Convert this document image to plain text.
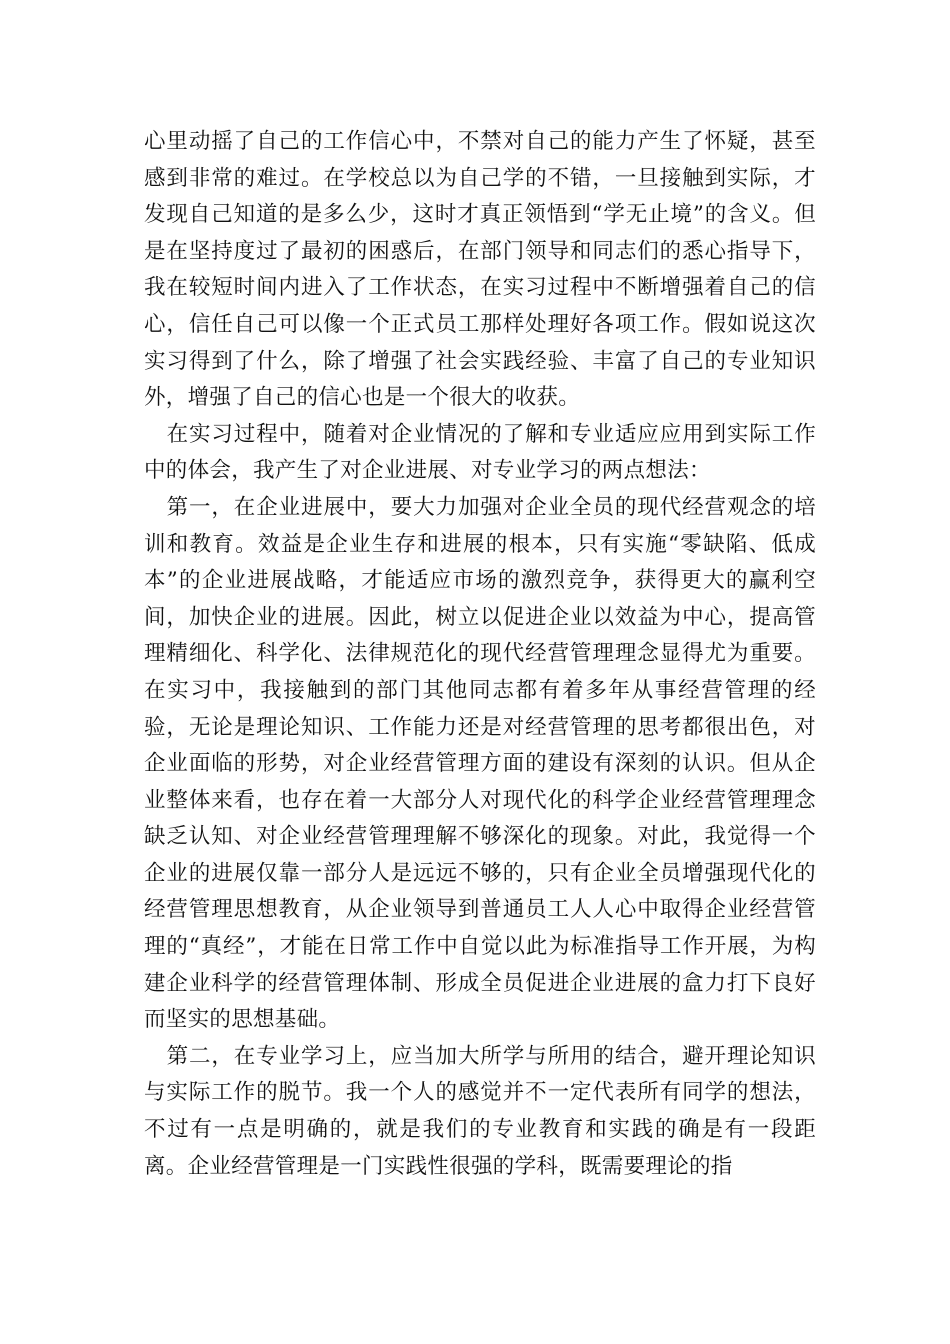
心里动摇了自己的工作信心中，不禁对自己的能力产生了怀疑，甚至感到非常的难过。在学校总以为自己学的不错，一旦接触到实际，才发现自己知道的是多么少，这时才真正领悟到“学无止境”的含义。但是在坚持度过了最初的困惑后，在部门领导和同志们的悉心指导下，我在较短时间内进入了工作状态，在实习过程中不断增强着自己的信心，信任自己可以像一个正式员工那样处理好各项工作。假如说这次实习得到了什么，除了增强了社会实践经验、丰富了自己的专业知识外，增强了自己的信心也是一个很大的收获。

在实习过程中，随着对企业情况的了解和专业适应应用到实际工作中的体会，我产生了对企业进展、对专业学习的两点想法：

第一，在企业进展中，要大力加强对企业全员的现代经营观念的培训和教育。效益是企业生存和进展的根本，只有实施“零缺陷、低成本”的企业进展战略，才能适应市场的激烈竞争，获得更大的赢利空间，加快企业的进展。因此，树立以促进企业以效益为中心，提高管理精细化、科学化、法律规范化的现代经营管理理念显得尤为重要。在实习中，我接触到的部门其他同志都有着多年从事经营管理的经验，无论是理论知识、工作能力还是对经营管理的思考都很出色，对企业面临的形势，对企业经营管理方面的建设有深刻的认识。但从企业整体来看，也存在着一大部分人对现代化的科学企业经营管理理念缺乏认知、对企业经营管理理解不够深化的现象。对此，我觉得一个企业的进展仅靠一部分人是远远不够的，只有企业全员增强现代化的经营管理思想教育，从企业领导到普通员工人人心中取得企业经营管理的“真经”，才能在日常工作中自觉以此为标准指导工作开展，为构建企业科学的经营管理体制、形成全员促进企业进展的盒力打下良好而坚实的思想基础。

第二，在专业学习上，应当加大所学与所用的结合，避开理论知识与实际工作的脱节。我一个人的感觉并不一定代表所有同学的想法，不过有一点是明确的，就是我们的专业教育和实践的确是有一段距离。企业经营管理是一门实践性很强的学科，既需要理论的指
